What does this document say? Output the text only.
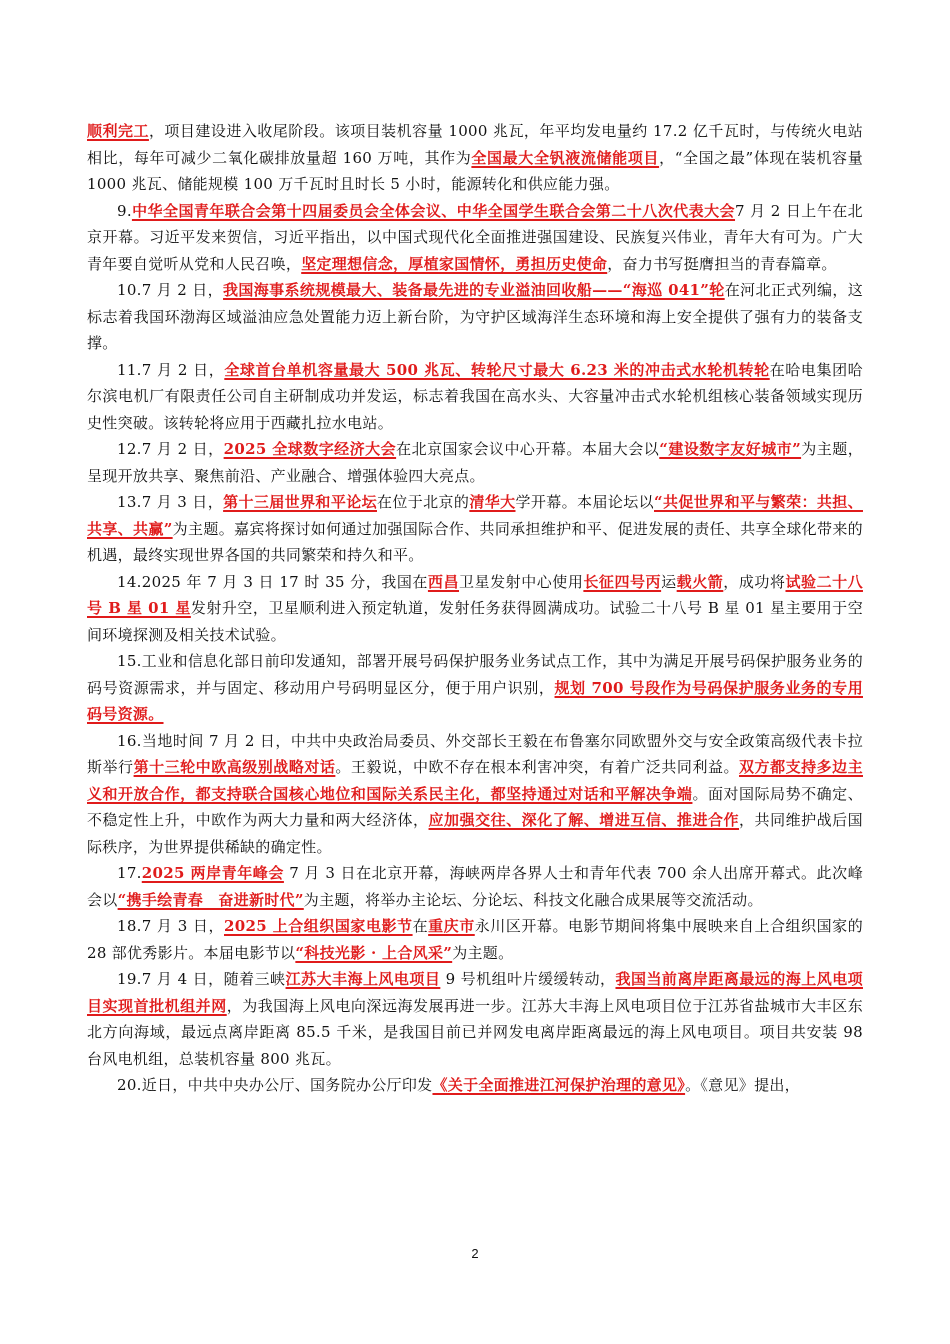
顺利完工，项目建设进入收尾阶段。该项目装机容量 1000 兆瓦，年平均发电量约 17.2 亿千瓦时，与传统火电站相比，每年可减少二氧化碳排放量超 160 万吨，其作为全国最大全钒液流储能项目，“全国之最”体现在装机容量 1000 兆瓦、储能规模 100 万千瓦时且时长 5 小时，能源转化和供应能力强。

9.中华全国青年联合会第十四届委员会全体会议、中华全国学生联合会第二十八次代表大会7 月 2 日上午在北京开幕。习近平发来贺信，习近平指出，以中国式现代化全面推进强国建设、民族复兴伟业，青年大有可为。广大青年要自觉听从党和人民召唤，坚定理想信念，厚植家国情怀，勇担历史使命，奋力书写挺膺担当的青春篇章。

10.7 月 2 日，我国海事系统规模最大、装备最先进的专业溢油回收船——“海巡 041”轮在河北正式列编，这标志着我国环渤海区域溢油应急处置能力迈上新台阶，为守护区域海洋生态环境和海上安全提供了强有力的装备支撑。

11.7 月 2 日，全球首台单机容量最大 500 兆瓦、转轮尺寸最大 6.23 米的冲击式水轮机转轮在哈电集团哈尔滨电机厂有限责任公司自主研制成功并发运，标志着我国在高水头、大容量冲击式水轮机组核心装备领域实现历史性突破。该转轮将应用于西藏扎拉水电站。

12.7 月 2 日，2025 全球数字经济大会在北京国家会议中心开幕。本届大会以“建设数字友好城市”为主题，呈现开放共享、聚焦前沿、产业融合、增强体验四大亮点。

13.7 月 3 日，第十三届世界和平论坛在位于北京的清华大学开幕。本届论坛以“共促世界和平与繁荣：共担、共享、共赢”为主题。嘉宾将探讨如何通过加强国际合作、共同承担维护和平、促进发展的责任、共享全球化带来的机遇，最终实现世界各国的共同繁荣和持久和平。

14.2025 年 7 月 3 日 17 时 35 分，我国在西昌卫星发射中心使用长征四号丙运载火箭，成功将试验二十八号 B 星 01 星发射升空，卫星顺利进入预定轨道，发射任务获得圆满成功。试验二十八号 B 星 01 星主要用于空间环境探测及相关技术试验。

15.工业和信息化部日前印发通知，部署开展号码保护服务业务试点工作，其中为满足开展号码保护服务业务的码号资源需求，并与固定、移动用户号码明显区分，便于用户识别，规划 700 号段作为号码保护服务业务的专用码号资源。

16.当地时间 7 月 2 日，中共中央政治局委员、外交部长王毅在布鲁塞尔同欧盟外交与安全政策高级代表卡拉斯举行第十三轮中欧高级别战略对话。王毅说，中欧不存在根本利害冲突，有着广泛共同利益。双方都支持多边主义和开放合作，都支持联合国核心地位和国际关系民主化，都坚持通过对话和平解决争端。面对国际局势不确定、不稳定性上升，中欧作为两大力量和两大经济体，应加强交往、深化了解、增进互信、推进合作，共同维护战后国际秩序，为世界提供稀缺的确定性。

17.2025 两岸青年峰会 7 月 3 日在北京开幕，海峡两岸各界人士和青年代表 700 余人出席开幕式。此次峰会以“携手绘青春　奋进新时代”为主题，将举办主论坛、分论坛、科技文化融合成果展等交流活动。

18.7 月 3 日，2025 上合组织国家电影节在重庆市永川区开幕。电影节期间将集中展映来自上合组织国家的 28 部优秀影片。本届电影节以“科技光影 · 上合风采”为主题。

19.7 月 4 日，随着三峡江苏大丰海上风电项目 9 号机组叶片缓缓转动，我国当前离岸距离最远的海上风电项目实现首批机组并网，为我国海上风电向深远海发展再进一步。江苏大丰海上风电项目位于江苏省盐城市大丰区东北方向海域，最远点离岸距离 85.5 千米，是我国目前已并网发电离岸距离最远的海上风电项目。项目共安装 98 台风电机组，总装机容量 800 兆瓦。

20.近日，中共中央办公厅、国务院办公厅印发《关于全面推进江河保护治理的意见》。《意见》提出，

2
